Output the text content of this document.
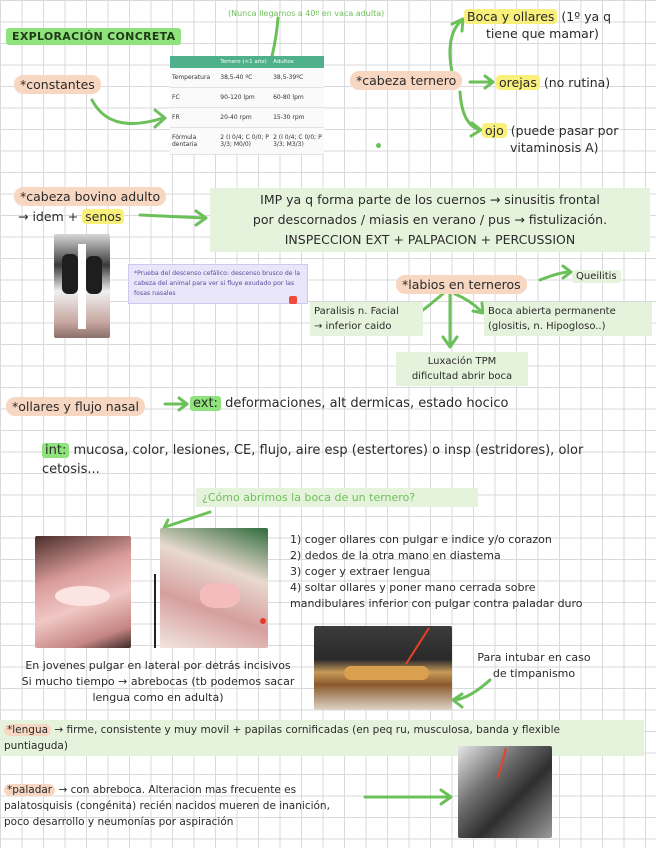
(Nunca llegamos a 40º en vaca adulta)
EXPLORACIÓN CONCRETA
*constantes
	Ternero (<1 año)	Adultos
Temperatura	38,5-40 ºC	38,5-39ºC
FC	90-120 lpm	60-80 lpm
FR	20-40 rpm	15-30 rpm
Fórmula dentaria	2 (I 0/4; C 0/0; P 3/3; M0/0)	2 (I 0/4; C 0/0; P 3/3; M3/3)
*cabeza ternero
Boca y ollares (1º ya q
tiene que mamar)
orejas (no rutina)
ojo (puede pasar por
vitaminosis A)
*cabeza bovino adulto
→ idem + senos
IMP ya q forma parte de los cuernos → sinusitis frontal
por descornados / miasis en verano / pus → fistulización.
INSPECCION EXT + PALPACION + PERCUSSION
*Prueba del descenso cefálico: descenso brusco de la cabeza del animal para ver si fluye exudado por las fosas nasales
*labios en terneros
Queilitis
Paralisis n. Facial
→ inferior caido
Boca abierta permanente
(glositis, n. Hipogloso..)
Luxación TPM
dificultad abrir boca
*ollares y flujo nasal	ext: deformaciones, alt dermicas, estado hocico
int: mucosa, color, lesiones, CE, flujo, aire esp (estertores) o insp (estridores), olor
cetosis...
¿Cómo abrimos la boca de un ternero?
1) coger ollares con pulgar e indice y/o corazon
2) dedos de la otra mano en diastema
3) coger y extraer lengua
4) soltar ollares y poner mano cerrada sobre
mandibulares inferior con pulgar contra paladar duro
En jovenes pulgar en lateral por detrás incisivos
Si mucho tiempo → abrebocas (tb podemos sacar
lengua como en adulta)
Para intubar en caso
de timpanismo
*lengua → firme, consistente y muy movil + papilas cornificadas (en peq ru, musculosa, banda y flexible
puntiaguda)
*paladar → con abreboca. Alteracion mas frecuente es
palatosquisis (congénita) recién nacidos mueren de inanición,
poco desarrollo y neumonías por aspiración
